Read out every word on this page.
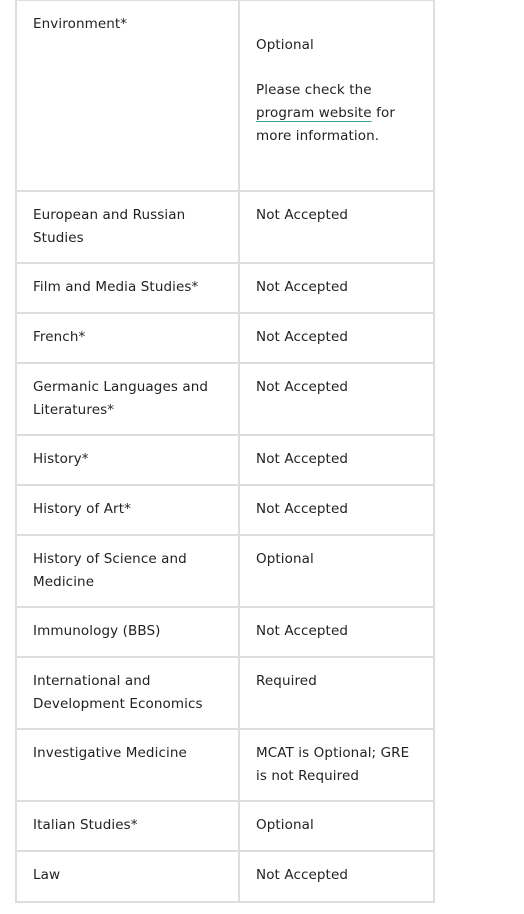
Environment*	Optional
Please check the program website for more information.

European and Russian Studies	Not Accepted

Film and Media Studies*	Not Accepted

French*	Not Accepted

Germanic Languages and Literatures*	Not Accepted

History*	Not Accepted

History of Art*	Not Accepted

History of Science and Medicine	Optional

Immunology (BBS)	Not Accepted

International and Development Economics	Required

Investigative Medicine	MCAT is Optional; GRE is not Required

Italian Studies*	Optional

Law	Not Accepted
